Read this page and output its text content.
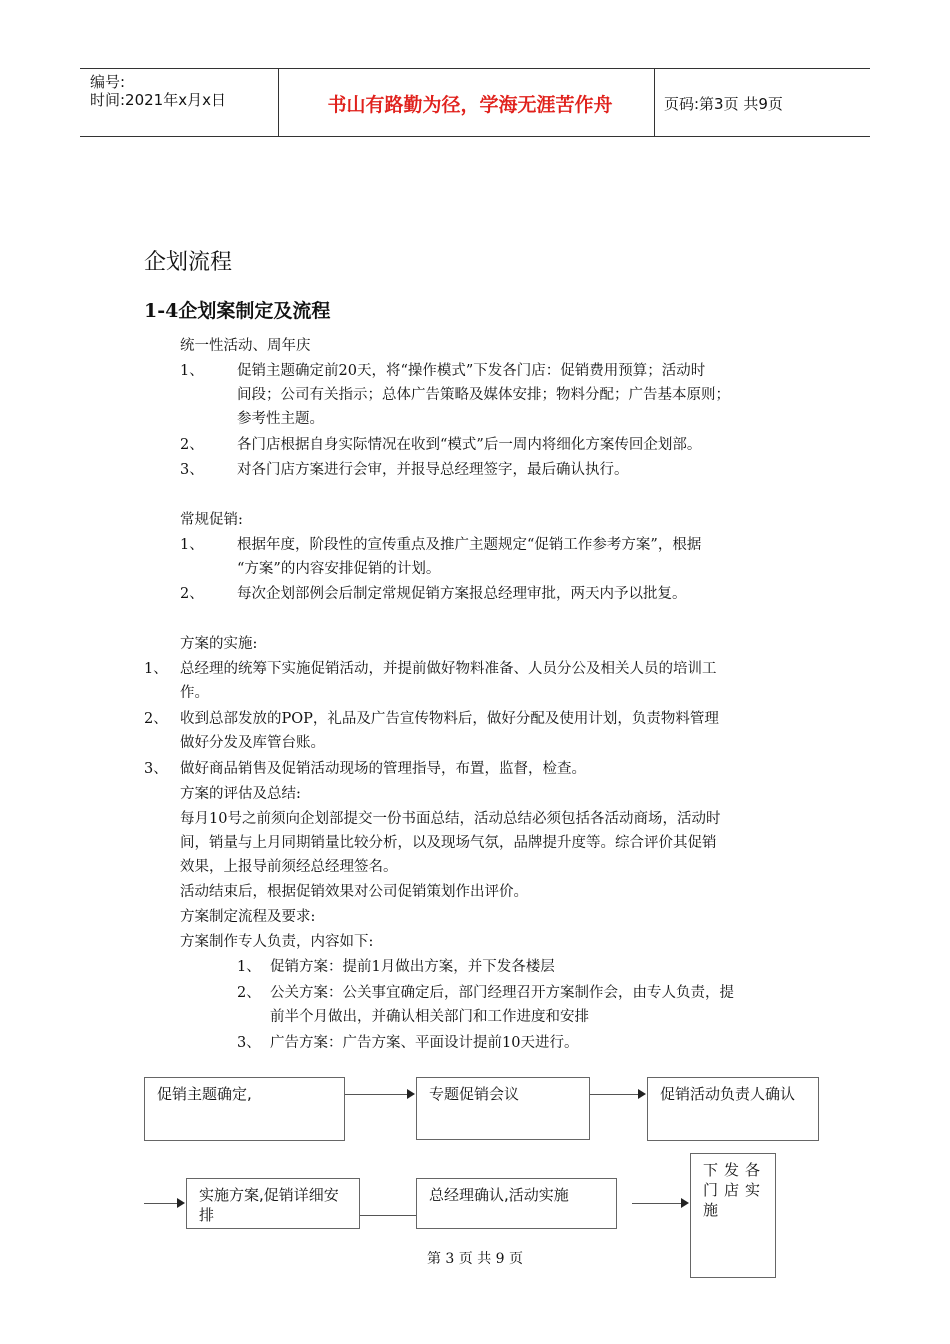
编号:
时间:2021年x月x日	书山有路勤为径，学海无涯苦作舟	页码:第3页 共9页
企划流程
1-4企划案制定及流程
统一性活动、周年庆
1、 促销主题确定前20天，将“操作模式”下发各门店：促销费用预算；活动时
间段；公司有关指示；总体广告策略及媒体安排；物料分配；广告基本原则；
参考性主题。
2、 各门店根据自身实际情况在收到“模式”后一周内将细化方案传回企划部。
3、 对各门店方案进行会审，并报导总经理签字，最后确认执行。
常规促销:
1、 根据年度，阶段性的宣传重点及推广主题规定“促销工作参考方案”，根据
“方案”的内容安排促销的计划。
2、 每次企划部例会后制定常规促销方案报总经理审批，两天内予以批复。
方案的实施:
1、 总经理的统筹下实施促销活动，并提前做好物料准备、人员分公及相关人员的培训工
作。
2、 收到总部发放的POP，礼品及广告宣传物料后，做好分配及使用计划，负责物料管理
做好分发及库管台账。
3、 做好商品销售及促销活动现场的管理指导，布置，监督，检查。
方案的评估及总结:
每月10号之前须向企划部提交一份书面总结，活动总结必须包括各活动商场，活动时
间，销量与上月同期销量比较分析，以及现场气氛，品牌提升度等。综合评价其促销
效果，上报导前须经总经理签名。
活动结束后，根据促销效果对公司促销策划作出评价。
方案制定流程及要求:
方案制作专人负责，内容如下:
1、 促销方案：提前1月做出方案，并下发各楼层
2、 公关方案：公关事宜确定后，部门经理召开方案制作会，由专人负责，提
前半个月做出，并确认相关部门和工作进度和安排
3、 广告方案：广告方案、平面设计提前10天进行。
促销主题确定,	专题促销会议	促销活动负责人确认
实施方案,促销详细安排
总经理确认,活动实施
下发各门店实施
第 3 页 共 9 页
